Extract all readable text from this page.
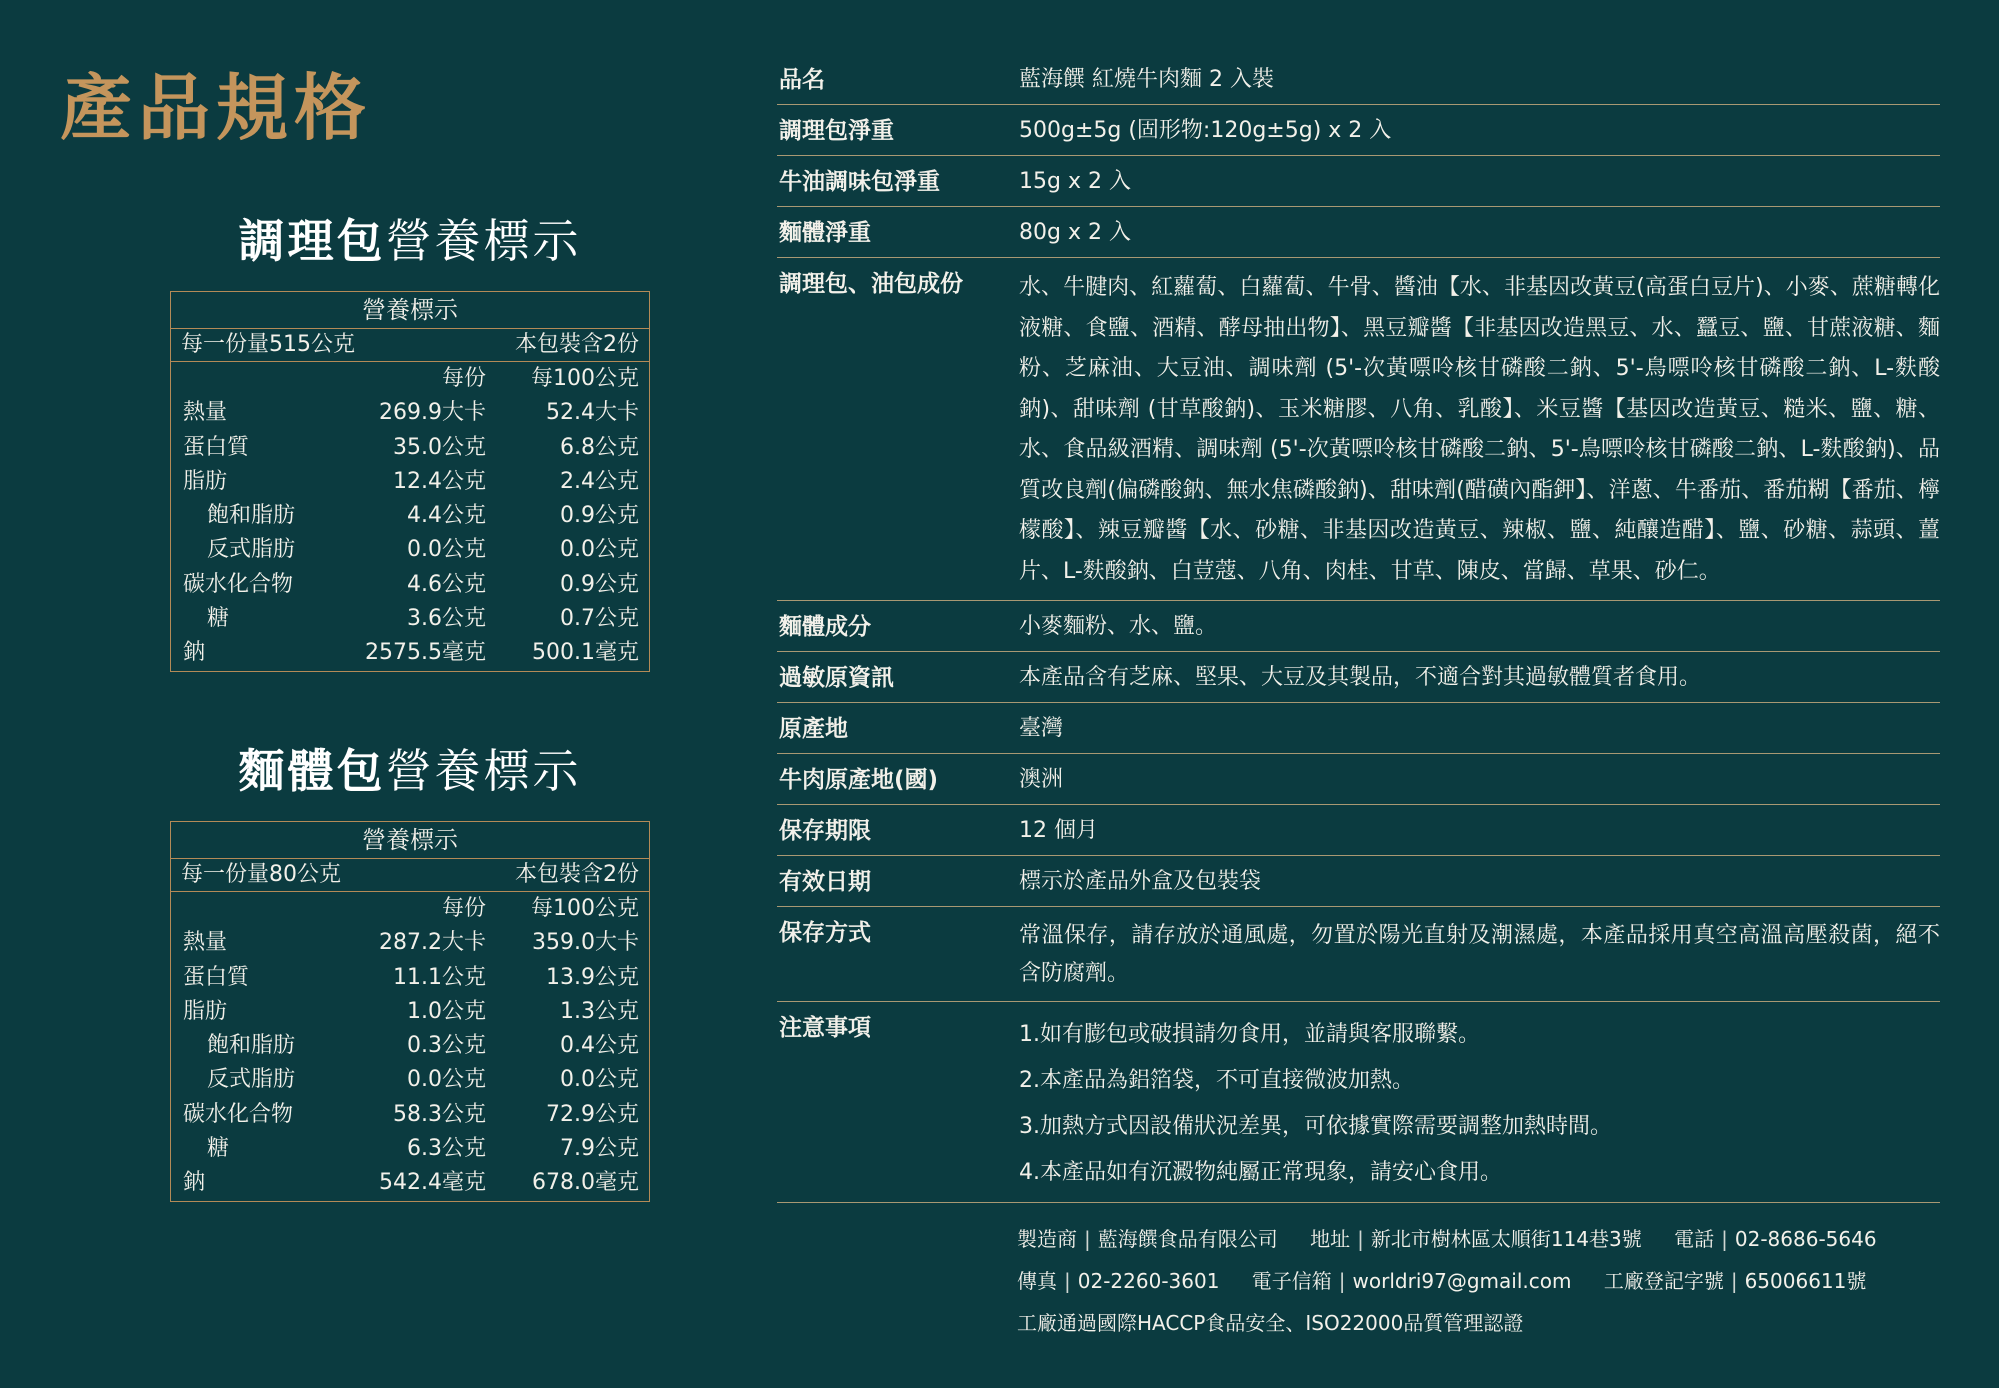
產品規格
調理包營養標示
營養標示
每一份量515公克	本包裝含2份
每份	每100公克
熱量	269.9大卡	52.4大卡
蛋白質	35.0公克	6.8公克
脂肪	12.4公克	2.4公克
飽和脂肪	4.4公克	0.9公克
反式脂肪	0.0公克	0.0公克
碳水化合物	4.6公克	0.9公克
糖	3.6公克	0.7公克
鈉	2575.5毫克	500.1毫克
麵體包營養標示
營養標示
每一份量80公克	本包裝含2份
每份	每100公克
熱量	287.2大卡	359.0大卡
蛋白質	11.1公克	13.9公克
脂肪	1.0公克	1.3公克
飽和脂肪	0.3公克	0.4公克
反式脂肪	0.0公克	0.0公克
碳水化合物	58.3公克	72.9公克
糖	6.3公克	7.9公克
鈉	542.4毫克	678.0毫克
品名	藍海饌 紅燒牛肉麵 2 入裝
調理包淨重	500g±5g (固形物:120g±5g) x 2 入
牛油調味包淨重	15g x 2 入
麵體淨重	80g x 2 入
調理包、油包成份	水、牛腱肉、紅蘿蔔、白蘿蔔、牛骨、醬油【水、非基因改黃豆(高蛋白豆片)、小麥、蔗糖轉化液糖、食鹽、酒精、酵母抽出物】、黑豆瓣醬【非基因改造黑豆、水、蠶豆、鹽、甘蔗液糖、麵粉、芝麻油、大豆油、調味劑 (5'-次黃嘌呤核甘磷酸二鈉、5'-鳥嘌呤核甘磷酸二鈉、L-麩酸鈉)、甜味劑 (甘草酸鈉)、玉米糖膠、八角、乳酸】、米豆醬【基因改造黃豆、糙米、鹽、糖、水、食品級酒精、調味劑 (5'-次黃嘌呤核甘磷酸二鈉、5'-鳥嘌呤核甘磷酸二鈉、L-麩酸鈉)、品質改良劑(偏磷酸鈉、無水焦磷酸鈉)、甜味劑(醋磺內酯鉀】、洋蔥、牛番茄、番茄糊【番茄、檸檬酸】、辣豆瓣醬【水、砂糖、非基因改造黃豆、辣椒、鹽、純釀造醋】、鹽、砂糖、蒜頭、薑片、L-麩酸鈉、白荳蔻、八角、肉桂、甘草、陳皮、當歸、草果、砂仁。
麵體成分	小麥麵粉、水、鹽。
過敏原資訊	本產品含有芝麻、堅果、大豆及其製品，不適合對其過敏體質者食用。
原產地	臺灣
牛肉原產地(國)	澳洲
保存期限	12 個月
有效日期	標示於產品外盒及包裝袋
保存方式	常溫保存，請存放於通風處，勿置於陽光直射及潮濕處，本產品採用真空高溫高壓殺菌，絕不含防腐劑。
注意事項	1.如有膨包或破損請勿食用，並請與客服聯繫。
2.本產品為鋁箔袋，不可直接微波加熱。
3.加熱方式因設備狀況差異，可依據實際需要調整加熱時間。
4.本產品如有沉澱物純屬正常現象，請安心食用。
製造商 | 藍海饌食品有限公司 地址 | 新北市樹林區太順街114巷3號 電話 | 02-8686-5646
傳真 | 02-2260-3601 電子信箱 | worldri97@gmail.com 工廠登記字號 | 65006611號
工廠通過國際HACCP食品安全、ISO22000品質管理認證
